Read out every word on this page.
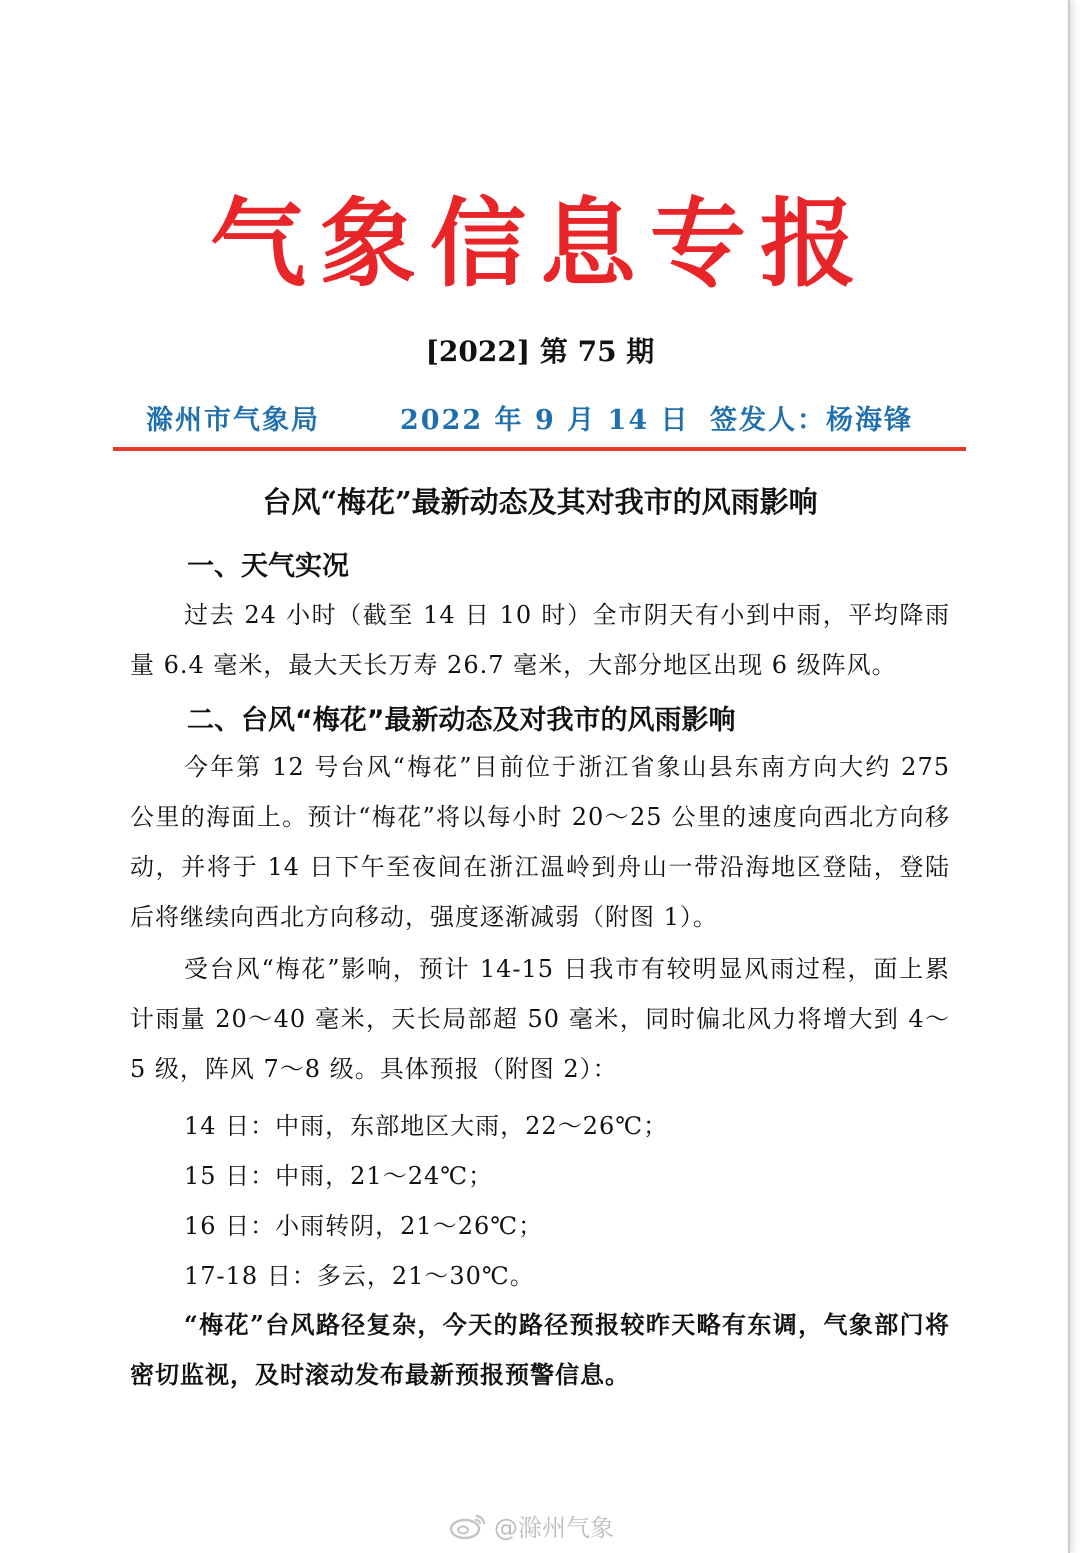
气象信息专报
[2022] 第 75 期
滁州市气象局	2022 年 9 月 14 日 签发人：杨海锋
台风“梅花”最新动态及其对我市的风雨影响
一、天气实况
过去 24 小时（截至 14 日 10 时）全市阴天有小到中雨，平均降雨量 6.4 毫米，最大天长万寿 26.7 毫米，大部分地区出现 6 级阵风。
二、台风“梅花”最新动态及对我市的风雨影响
今年第 12 号台风“梅花”目前位于浙江省象山县东南方向大约 275 公里的海面上。预计“梅花”将以每小时 20～25 公里的速度向西北方向移动，并将于 14 日下午至夜间在浙江温岭到舟山一带沿海地区登陆，登陆后将继续向西北方向移动，强度逐渐减弱（附图 1）。
受台风“梅花”影响，预计 14-15 日我市有较明显风雨过程，面上累计雨量 20～40 毫米，天长局部超 50 毫米，同时偏北风力将增大到 4～5 级，阵风 7～8 级。具体预报（附图 2）：
14 日：中雨，东部地区大雨，22～26℃；
15 日：中雨，21～24℃；
16 日：小雨转阴，21～26℃；
17-18 日：多云，21～30℃。
“梅花”台风路径复杂，今天的路径预报较昨天略有东调，气象部门将密切监视，及时滚动发布最新预报预警信息。
@滁州气象
